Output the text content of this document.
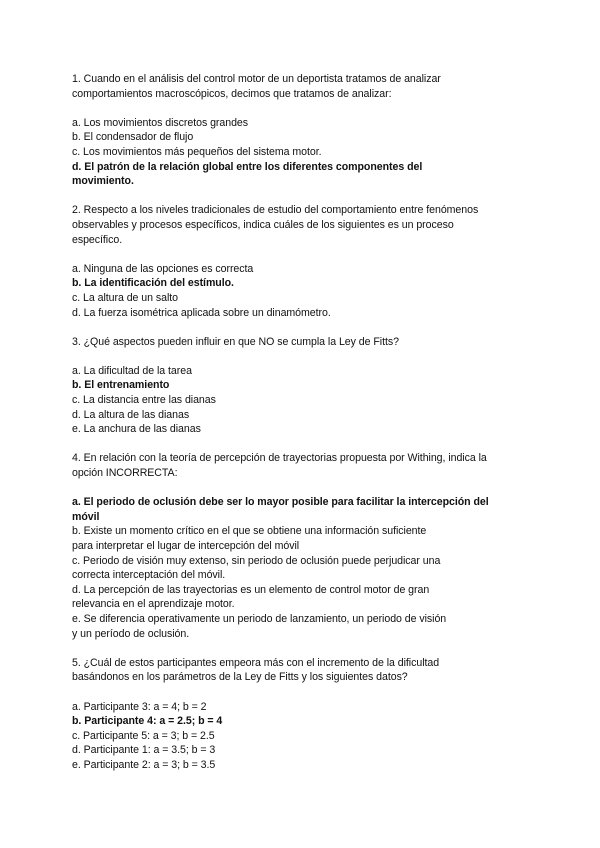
1. Cuando en el análisis del control motor de un deportista tratamos de analizar
comportamientos macroscópicos, decimos que tratamos de analizar:
a. Los movimientos discretos grandes
b. El condensador de flujo
c. Los movimientos más pequeños del sistema motor.
d. El patrón de la relación global entre los diferentes componentes del
movimiento.
2. Respecto a los niveles tradicionales de estudio del comportamiento entre fenómenos
observables y procesos específicos, indica cuáles de los siguientes es un proceso
específico.
a. Ninguna de las opciones es correcta
b. La identificación del estímulo.
c. La altura de un salto
d. La fuerza isométrica aplicada sobre un dinamómetro.
3. ¿Qué aspectos pueden influir en que NO se cumpla la Ley de Fitts?
a. La dificultad de la tarea
b. El entrenamiento
c. La distancia entre las dianas
d. La altura de las dianas
e. La anchura de las dianas
4. En relación con la teoría de percepción de trayectorias propuesta por Withing, indica la
opción INCORRECTA:
a. El periodo de oclusión debe ser lo mayor posible para facilitar la intercepción del
móvil
b. Existe un momento crítico en el que se obtiene una información suficiente
para interpretar el lugar de intercepción del móvil
c. Periodo de visión muy extenso, sin periodo de oclusión puede perjudicar una
correcta interceptación del móvil.
d. La percepción de las trayectorias es un elemento de control motor de gran
relevancia en el aprendizaje motor.
e. Se diferencia operativamente un periodo de lanzamiento, un periodo de visión
y un período de oclusión.
5. ¿Cuál de estos participantes empeora más con el incremento de la dificultad
basándonos en los parámetros de la Ley de Fitts y los siguientes datos?
a. Participante 3: a = 4; b = 2
b. Participante 4: a = 2.5; b = 4
c. Participante 5: a = 3; b = 2.5
d. Participante 1: a = 3.5; b = 3
e. Participante 2: a = 3; b = 3.5
